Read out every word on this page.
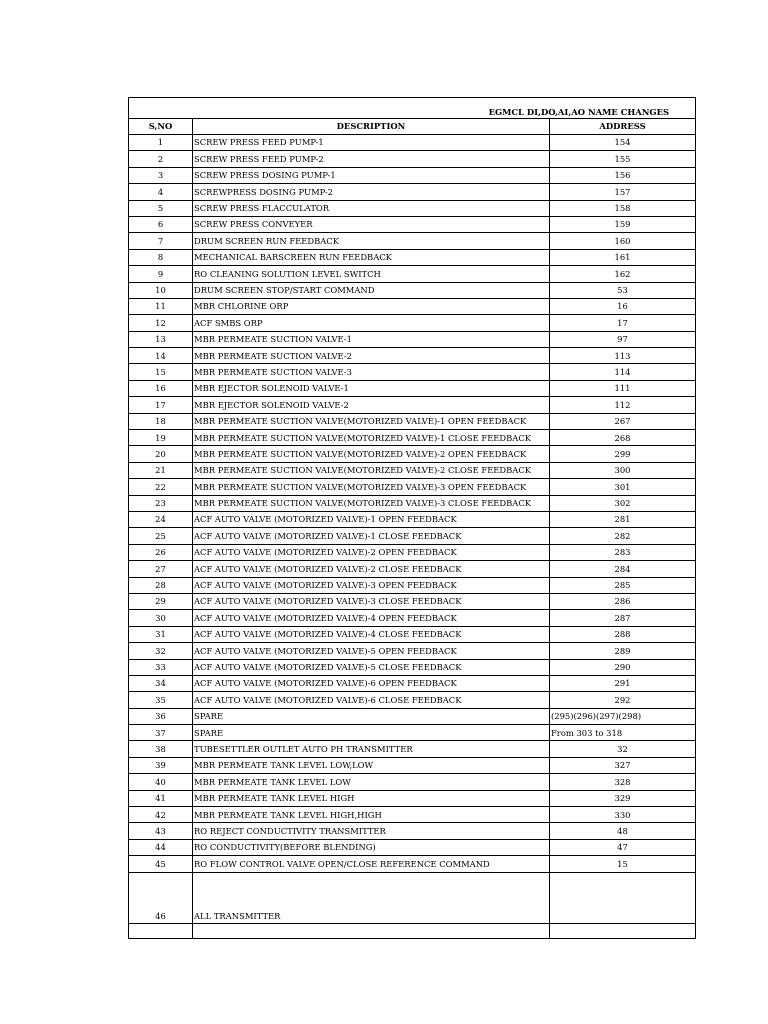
EGMCL DI,DO,AI,AO NAME CHANGES		
S,NO	DESCRIPTION	ADDRESS
1	SCREW PRESS FEED PUMP-1	154
2	SCREW PRESS FEED PUMP-2	155
3	SCREW PRESS DOSING PUMP-1	156
4	SCREWPRESS DOSING PUMP-2	157
5	SCREW PRESS FLACCULATOR	158
6	SCREW PRESS CONVEYER	159
7	DRUM SCREEN RUN FEEDBACK	160
8	MECHANICAL BARSCREEN RUN FEEDBACK	161
9	RO CLEANING SOLUTION LEVEL SWITCH	162
10	DRUM SCREEN STOP/START COMMAND	53
11	MBR CHLORINE ORP	16
12	ACF SMBS ORP	17
13	MBR PERMEATE SUCTION VALVE-1	97
14	MBR PERMEATE SUCTION VALVE-2	113
15	MBR PERMEATE SUCTION VALVE-3	114
16	MBR EJECTOR SOLENOID VALVE-1	111
17	MBR EJECTOR SOLENOID VALVE-2	112
18	MBR PERMEATE SUCTION VALVE(MOTORIZED VALVE)-1 OPEN FEEDBACK	267
19	MBR PERMEATE SUCTION VALVE(MOTORIZED VALVE)-1 CLOSE FEEDBACK	268
20	MBR PERMEATE SUCTION VALVE(MOTORIZED VALVE)-2 OPEN FEEDBACK	299
21	MBR PERMEATE SUCTION VALVE(MOTORIZED VALVE)-2 CLOSE FEEDBACK	300
22	MBR PERMEATE SUCTION VALVE(MOTORIZED VALVE)-3 OPEN FEEDBACK	301
23	MBR PERMEATE SUCTION VALVE(MOTORIZED VALVE)-3 CLOSE FEEDBACK	302
24	ACF AUTO VALVE (MOTORIZED VALVE)-1 OPEN FEEDBACK	281
25	ACF AUTO VALVE (MOTORIZED VALVE)-1 CLOSE FEEDBACK	282
26	ACF AUTO VALVE (MOTORIZED VALVE)-2 OPEN FEEDBACK	283
27	ACF AUTO VALVE (MOTORIZED VALVE)-2 CLOSE FEEDBACK	284
28	ACF AUTO VALVE (MOTORIZED VALVE)-3 OPEN FEEDBACK	285
29	ACF AUTO VALVE (MOTORIZED VALVE)-3 CLOSE FEEDBACK	286
30	ACF AUTO VALVE (MOTORIZED VALVE)-4 OPEN FEEDBACK	287
31	ACF AUTO VALVE (MOTORIZED VALVE)-4 CLOSE FEEDBACK	288
32	ACF AUTO VALVE (MOTORIZED VALVE)-5 OPEN FEEDBACK	289
33	ACF AUTO VALVE (MOTORIZED VALVE)-5 CLOSE FEEDBACK	290
34	ACF AUTO VALVE (MOTORIZED VALVE)-6 OPEN FEEDBACK	291
35	ACF AUTO VALVE (MOTORIZED VALVE)-6 CLOSE FEEDBACK	292
36	SPARE	(295)(296)(297)(298)
37	SPARE	From 303 to 318
38	TUBESETTLER OUTLET AUTO PH TRANSMITTER	32
39	MBR PERMEATE TANK LEVEL LOW,LOW	327
40	MBR PERMEATE TANK LEVEL LOW	328
41	MBR PERMEATE TANK LEVEL HIGH	329
42	MBR PERMEATE TANK LEVEL HIGH,HIGH	330
43	RO REJECT CONDUCTIVITY TRANSMITTER	48
44	RO CONDUCTIVITY(BEFORE BLENDING)	47
45	RO FLOW CONTROL VALVE OPEN/CLOSE REFERENCE COMMAND	15
46	ALL TRANSMITTER	
